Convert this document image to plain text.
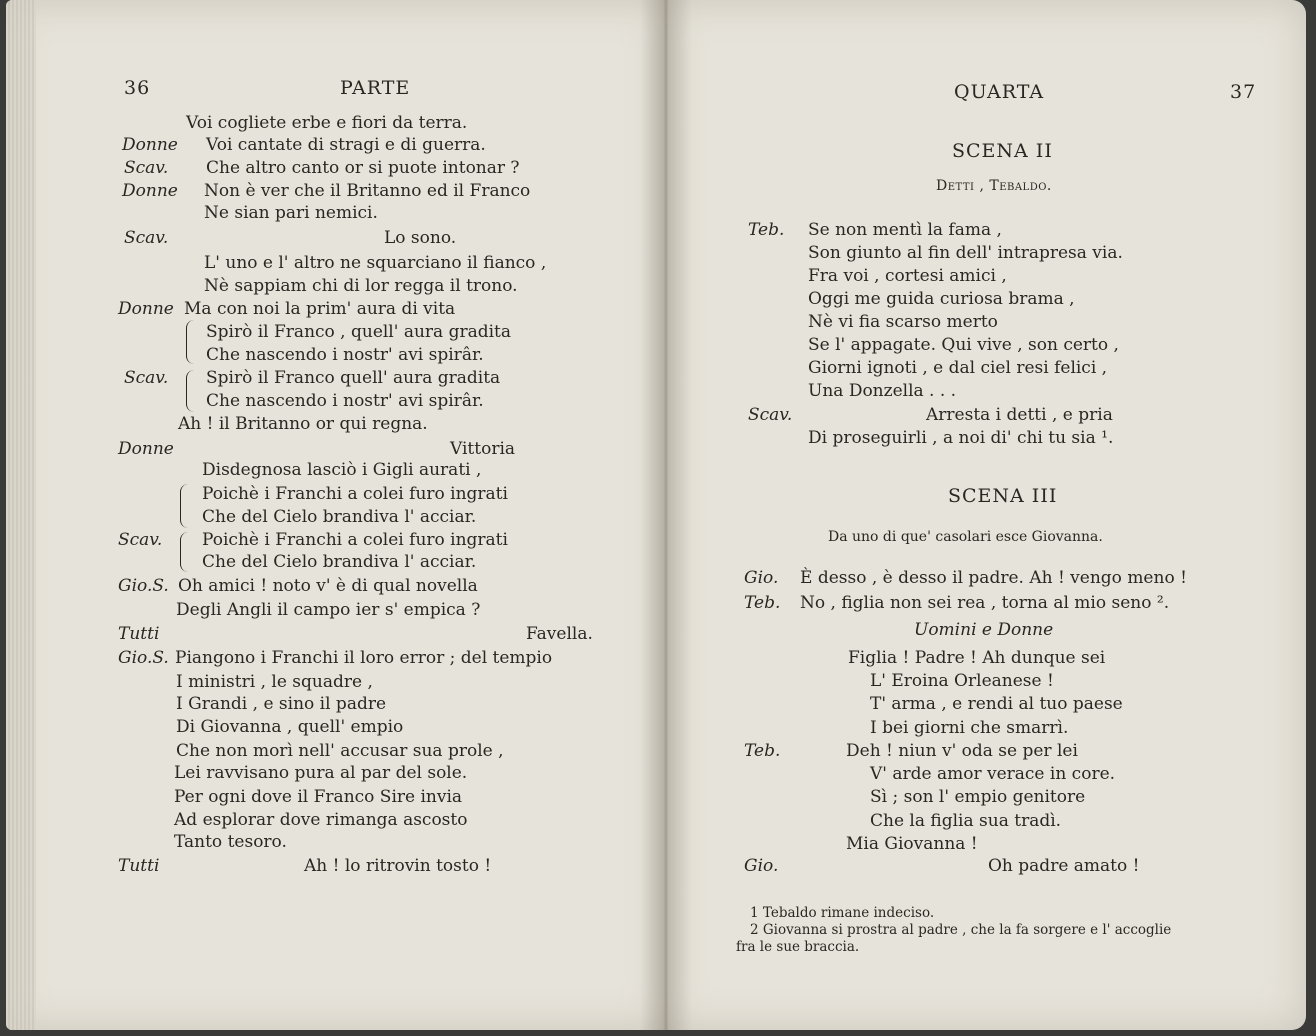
36	PARTE
Voi cogliete erbe e fiori da terra.
Donne Voi cantate di stragi e di guerra.
Scav. Che altro canto or si puote intonar ?
Donne Non è ver che il Britanno ed il Franco
Ne sian pari nemici.
Scav.	Lo sono.
L' uno e l' altro ne squarciano il fianco ,
Nè sappiam chi di lor regga il trono.
Donne Ma con noi la prim' aura di vita
Spirò il Franco , quell' aura gradita
Che nascendo i nostr' avi spirâr.
Scav. Spirò il Franco quell' aura gradita
Che nascendo i nostr' avi spirâr.
Ah ! il Britanno or qui regna.
Donne	Vittoria
Disdegnosa lasciò i Gigli aurati ,
Poichè i Franchi a colei furo ingrati
Che del Cielo brandiva l' acciar.
Scav. Poichè i Franchi a colei furo ingrati
Che del Cielo brandiva l' acciar.
Gio.S. Oh amici ! noto v' è di qual novella
Degli Angli il campo ier s' empica ?
Tutti	Favella.
Gio.S. Piangono i Franchi il loro error ; del tempio
I ministri , le squadre ,
I Grandi , e sino il padre
Di Giovanna , quell' empio
Che non morì nell' accusar sua prole ,
Lei ravvisano pura al par del sole.
Per ogni dove il Franco Sire invia
Ad esplorar dove rimanga ascosto
Tanto tesoro.
Tutti	Ah ! lo ritrovin tosto !
QUARTA	37
SCENA II
Detti , Tebaldo.
Teb. Se non mentì la fama ,
Son giunto al fin dell' intrapresa via.
Fra voi , cortesi amici ,
Oggi me guida curiosa brama ,
Nè vi fia scarso merto
Se l' appagate. Qui vive , son certo ,
Giorni ignoti , e dal ciel resi felici ,
Una Donzella . . .
Scav.	Arresta i detti , e pria
Di proseguirli , a noi di' chi tu sia ¹.
SCENA III
Da uno di que' casolari esce Giovanna.
Gio. È desso , è desso il padre. Ah ! vengo meno !
Teb. No , figlia non sei rea , torna al mio seno ².
Uomini e Donne
Figlia ! Padre ! Ah dunque sei
L' Eroina Orleanese !
T' arma , e rendi al tuo paese
I bei giorni che smarrì.
Teb.	Deh ! niun v' oda se per lei
V' arde amor verace in core.
Sì ; son l' empio genitore
Che la figlia sua tradì.
Mia Giovanna !
Gio.	Oh padre amato !
1 Tebaldo rimane indeciso.
2 Giovanna si prostra al padre , che la fa sorgere e l' accoglie
fra le sue braccia.
